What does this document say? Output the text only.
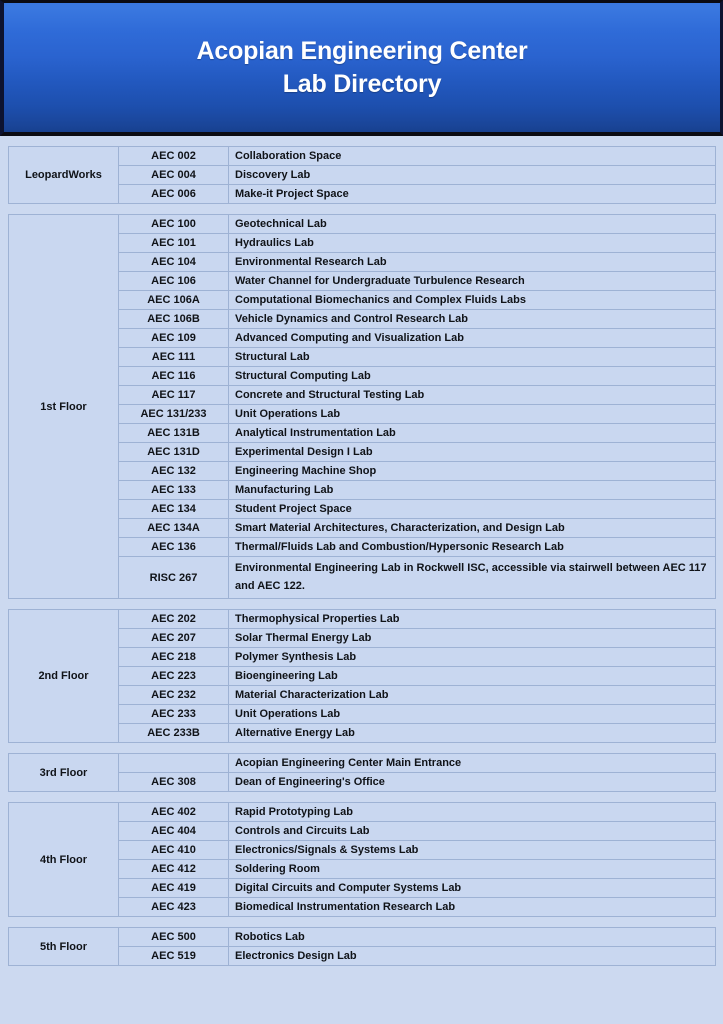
Acopian Engineering Center
Lab Directory
LeopardWorks	AEC 002	Collaboration Space
	AEC 004	Discovery Lab
	AEC 006	Make-it Project Space
1st Floor	AEC 100	Geotechnical Lab
	AEC 101	Hydraulics Lab
	AEC 104	Environmental Research Lab
	AEC 106	Water Channel for Undergraduate Turbulence Research
	AEC 106A	Computational Biomechanics and Complex Fluids Labs
	AEC 106B	Vehicle Dynamics and Control Research Lab
	AEC 109	Advanced Computing and Visualization Lab
	AEC 111	Structural Lab
	AEC 116	Structural Computing Lab
	AEC 117	Concrete and Structural Testing Lab
	AEC 131/233	Unit Operations Lab
	AEC 131B	Analytical Instrumentation Lab
	AEC 131D	Experimental Design I Lab
	AEC 132	Engineering Machine Shop
	AEC 133	Manufacturing Lab
	AEC 134	Student Project Space
	AEC 134A	Smart Material Architectures, Characterization, and Design Lab
	AEC 136	Thermal/Fluids Lab and Combustion/Hypersonic Research Lab
	RISC 267	Environmental Engineering Lab in Rockwell ISC, accessible via stairwell between AEC 117 and AEC 122.
2nd Floor	AEC 202	Thermophysical Properties Lab
	AEC 207	Solar Thermal Energy Lab
	AEC 218	Polymer Synthesis Lab
	AEC 223	Bioengineering Lab
	AEC 232	Material Characterization Lab
	AEC 233	Unit Operations Lab
	AEC 233B	Alternative Energy Lab
3rd Floor		Acopian Engineering Center Main Entrance
	AEC 308	Dean of Engineering's Office
4th Floor	AEC 402	Rapid Prototyping Lab
	AEC 404	Controls and Circuits Lab
	AEC 410	Electronics/Signals & Systems Lab
	AEC 412	Soldering Room
	AEC 419	Digital Circuits and Computer Systems Lab
	AEC 423	Biomedical Instrumentation Research Lab
5th Floor	AEC 500	Robotics Lab
	AEC 519	Electronics Design Lab
